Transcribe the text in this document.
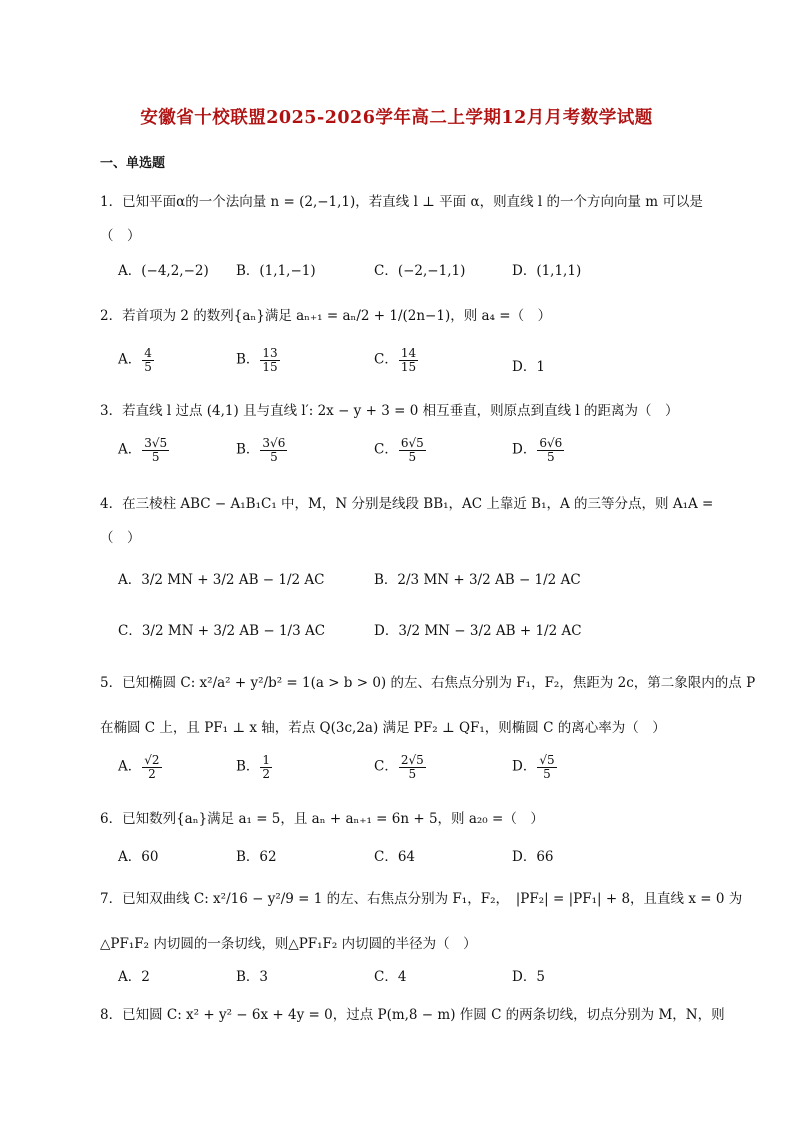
安徽省十校联盟2025-2026学年高二上学期12月月考数学试题
一、单选题
1．已知平面α的一个法向量 n = (2,−1,1)，若直线 l ⊥ 平面 α，则直线 l 的一个方向向量 m 可以是
（　）
A．(−4,2,−2) B．(1,1,−1)	C．(−2,−1,1)	D．(1,1,1)
2．若首项为 2 的数列{aₙ}满足 aₙ₊₁ = aₙ/2 + 1/(2n−1)，则 a₄ =（　）
A． $\frac{4}{5}$	B． $\frac{13}{15}$	C． $\frac{14}{15}$	D．1
3．若直线 l 过点 (4,1) 且与直线 l′: 2x − y + 3 = 0 相互垂直，则原点到直线 l 的距离为（　）
A． $\frac{3√5}{5}$	B． $\frac{3√6}{5}$	C． $\frac{6√5}{5}$	D． $\frac{6√6}{5}$
4．在三棱柱 ABC − A₁B₁C₁ 中，M，N 分别是线段 BB₁，AC 上靠近 B₁，A 的三等分点，则 A₁A =
（　）
A．3/2 MN + 3/2 AB − 1/2 AC	B．2/3 MN + 3/2 AB − 1/2 AC
C．3/2 MN + 3/2 AB − 1/3 AC	D．3/2 MN − 3/2 AB + 1/2 AC
5．已知椭圆 C: x²/a² + y²/b² = 1(a > b > 0) 的左、右焦点分别为 F₁，F₂，焦距为 2c，第二象限内的点 P
在椭圆 C 上，且 PF₁ ⊥ x 轴，若点 Q(3c,2a) 满足 PF₂ ⊥ QF₁，则椭圆 C 的离心率为（　）
A． $\frac{√2}{2}$	B． $\frac{1}{2}$	C． $\frac{2√5}{5}$	D． $\frac{√5}{5}$
6．已知数列{aₙ}满足 a₁ = 5，且 aₙ + aₙ₊₁ = 6n + 5，则 a₂₀ =（　）
A．60	B．62	C．64	D．66
7．已知双曲线 C: x²/16 − y²/9 = 1 的左、右焦点分别为 F₁，F₂，　|PF₂| = |PF₁| + 8，且直线 x = 0 为
△PF₁F₂ 内切圆的一条切线，则△PF₁F₂ 内切圆的半径为（　）
A．2	B．3	C．4	D．5
8．已知圆 C: x² + y² − 6x + 4y = 0，过点 P(m,8 − m) 作圆 C 的两条切线，切点分别为 M，N，则
